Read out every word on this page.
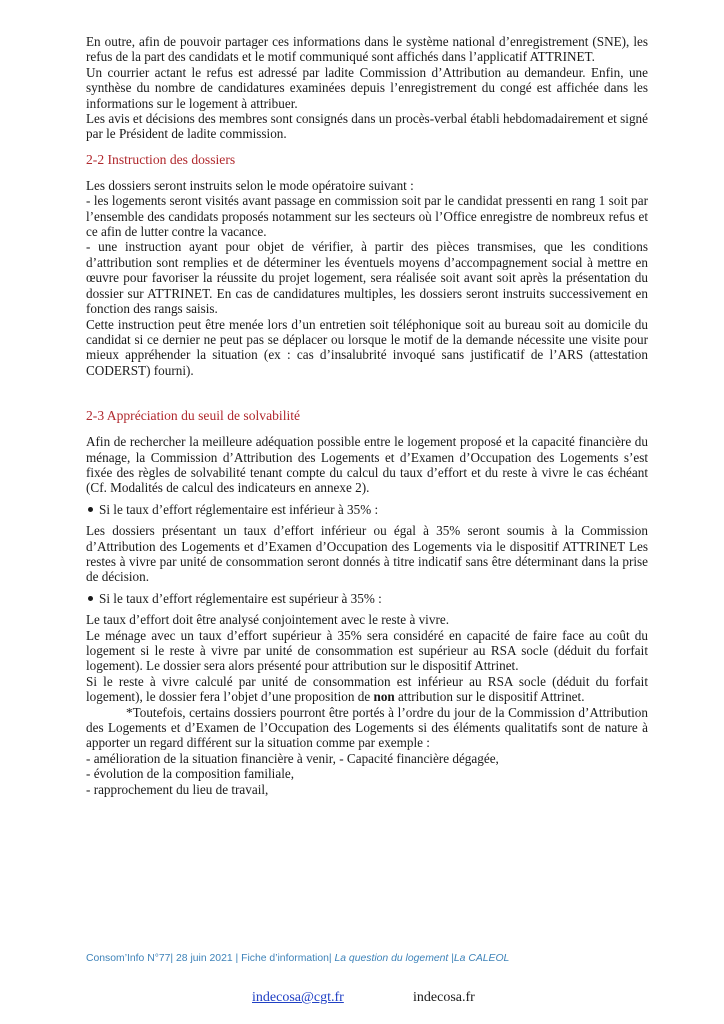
En outre, afin de pouvoir partager ces informations dans le système national d’enregistrement (SNE), les refus de la part des candidats et le motif communiqué sont affichés dans l’applicatif ATTRINET.

Un courrier actant le refus est adressé par ladite Commission d’Attribution au demandeur. Enfin, une synthèse du nombre de candidatures examinées depuis l’enregistrement du congé est affichée dans les informations sur le logement à attribuer.

Les avis et décisions des membres sont consignés dans un procès-verbal établi hebdomadairement et signé par le Président de ladite commission.

2-2 Instruction des dossiers

Les dossiers seront instruits selon le mode opératoire suivant :

- les logements seront visités avant passage en commission soit par le candidat pressenti en rang 1 soit par l’ensemble des candidats proposés notamment sur les secteurs où l’Office enregistre de nombreux refus et ce afin de lutter contre la vacance.

- une instruction ayant pour objet de vérifier, à partir des pièces transmises, que les conditions d’attribution sont remplies et de déterminer les éventuels moyens d’accompagnement social à mettre en œuvre pour favoriser la réussite du projet logement, sera réalisée soit avant soit après la présentation du dossier sur ATTRINET. En cas de candidatures multiples, les dossiers seront instruits successivement en fonction des rangs saisis.

Cette instruction peut être menée lors d’un entretien soit téléphonique soit au bureau soit au domicile du candidat si ce dernier ne peut pas se déplacer ou lorsque le motif de la demande nécessite une visite pour mieux appréhender la situation (ex : cas d’insalubrité invoqué sans justificatif de l’ARS (attestation CODERST) fourni).

2-3 Appréciation du seuil de solvabilité

Afin de rechercher la meilleure adéquation possible entre le logement proposé et la capacité financière du ménage, la Commission d’Attribution des Logements et d’Examen d’Occupation des Logements s’est fixée des règles de solvabilité tenant compte du calcul du taux d’effort et du reste à vivre le cas échéant (Cf. Modalités de calcul des indicateurs en annexe 2).

Si le taux d’effort réglementaire est inférieur à 35% :

Les dossiers présentant un taux d’effort inférieur ou égal à 35% seront soumis à la Commission d’Attribution des Logements et d’Examen d’Occupation des Logements via le dispositif ATTRINET Les restes à vivre par unité de consommation seront donnés à titre indicatif sans être déterminant dans la prise de décision.

Si le taux d’effort réglementaire est supérieur à 35% :

Le taux d’effort doit être analysé conjointement avec le reste à vivre.

Le ménage avec un taux d’effort supérieur à 35% sera considéré en capacité de faire face au coût du logement si le reste à vivre par unité de consommation est supérieur au RSA socle (déduit du forfait logement). Le dossier sera alors présenté pour attribution sur le dispositif Attrinet.

Si le reste à vivre calculé par unité de consommation est inférieur au RSA socle (déduit du forfait logement), le dossier fera l’objet d’une proposition de non attribution sur le dispositif Attrinet.

*Toutefois, certains dossiers pourront être portés à l’ordre du jour de la Commission d’Attribution des Logements et d’Examen de l’Occupation des Logements si des éléments qualitatifs sont de nature à apporter un regard différent sur la situation comme par exemple :

- amélioration de la situation financière à venir, - Capacité financière dégagée,

- évolution de la composition familiale,

- rapprochement du lieu de travail,

Consom’Info N°77| 28 juin 2021 | Fiche d’information| La question du logement |La CALEOL
indecosa@cgt.fr	indecosa.fr
